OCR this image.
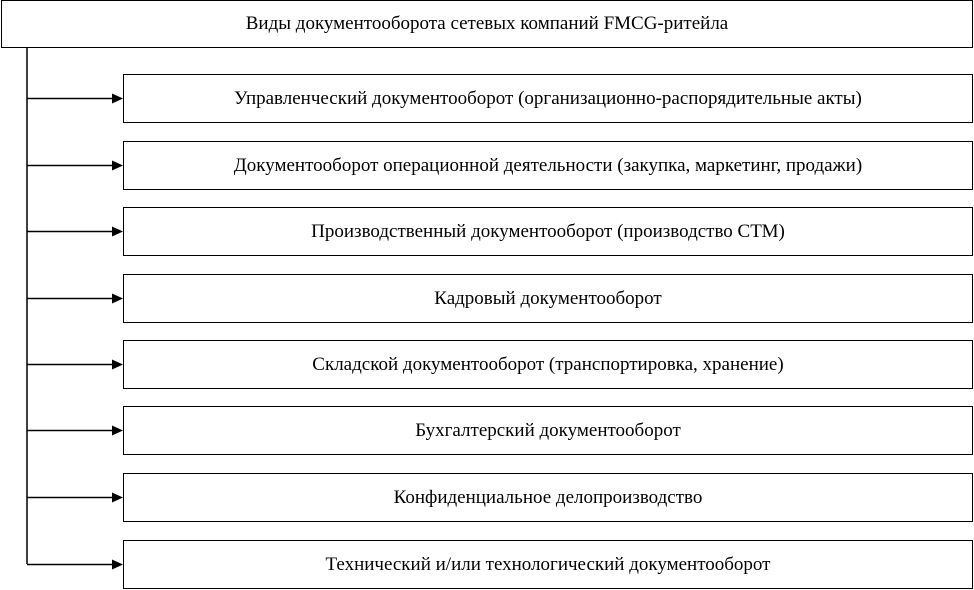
Виды документооборота сетевых компаний FMCG-ритейла
Управленческий документооборот (организационно-распорядительные акты)
Документооборот операционной деятельности (закупка, маркетинг, продажи)
Производственный документооборот (производство СТМ)
Кадровый документооборот
Складской документооборот (транспортировка, хранение)
Бухгалтерский документооборот
Конфиденциальное делопроизводство
Технический и/или технологический документооборот
